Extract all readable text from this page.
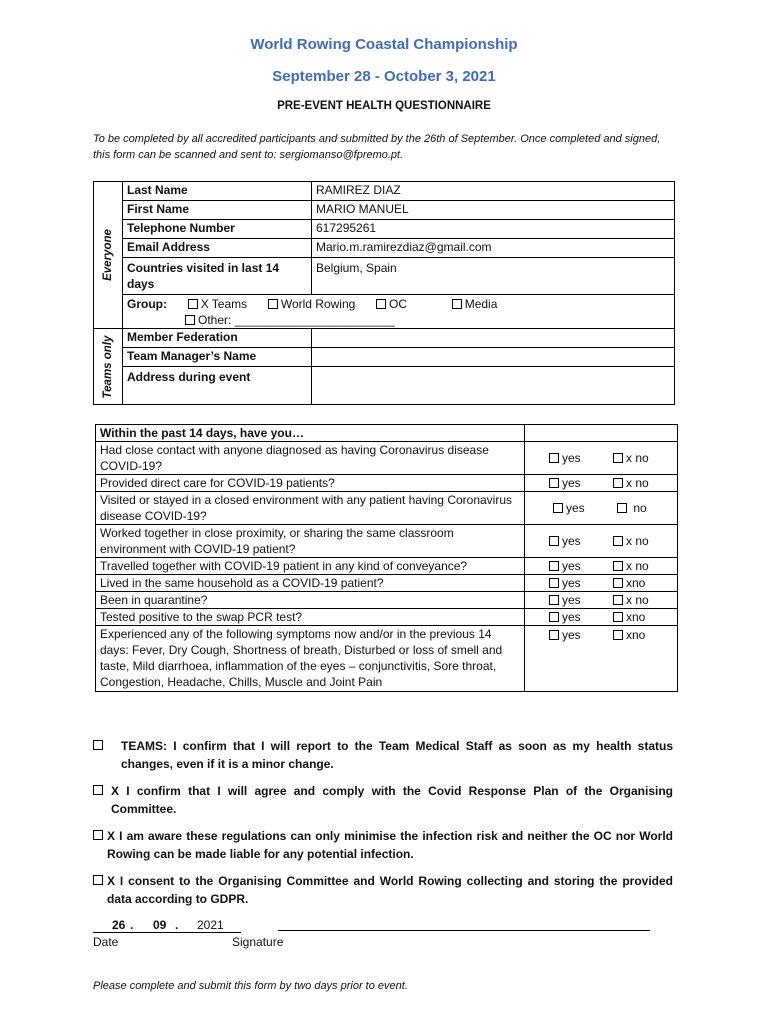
World Rowing Coastal Championship
September 28 - October 3, 2021
PRE-EVENT HEALTH QUESTIONNAIRE
To be completed by all accredited participants and submitted by the 26th of September. Once completed and signed, this form can be scanned and sent to: sergiomanso@fpremo.pt.
Everyone	Last Name	RAMIREZ DIAZ
	First Name	MARIO MANUEL
	Telephone Number	617295261
	Email Address	Mario.m.ramirezdiaz@gmail.com
	Countries visited in last 14 days	Belgium, Spain

	Group: X Teams World Rowing OC Media
Other: ________________________	

Teams only	Member Federation	
	Team Manager’s Name	
	Address during event	
Within the past 14 days, have you…	
Had close contact with anyone diagnosed as having Coronavirus disease COVID-19?	yes x no
Provided direct care for COVID-19 patients?	yes x no
Visited or stayed in a closed environment with any patient having Coronavirus disease COVID-19?	yes no
Worked together in close proximity, or sharing the same classroom environment with COVID-19 patient?	yes x no
Travelled together with COVID-19 patient in any kind of conveyance?	yes x no
Lived in the same household as a COVID-19 patient?	yes xno
Been in quarantine?	yes x no
Tested positive to the swap PCR test?	yes xno
Experienced any of the following symptoms now and/or in the previous 14 days: Fever, Dry Cough, Shortness of breath, Disturbed or loss of smell and taste, Mild diarrhoea, inflammation of the eyes – conjunctivitis, Sore throat, Congestion, Headache, Chills, Muscle and Joint Pain	yes xno
TEAMS: I confirm that I will report to the Team Medical Staff as soon as my health status changes, even if it is a minor change.
X I confirm that I will agree and comply with the Covid Response Plan of the Organising Committee.
X I am aware these regulations can only minimise the infection risk and neither the OC nor World Rowing can be made liable for any potential infection.
X I consent to the Organising Committee and World Rowing collecting and storing the provided data according to GDPR.
26 . 09 . 2021
Date	Signature
Please complete and submit this form by two days prior to event.
